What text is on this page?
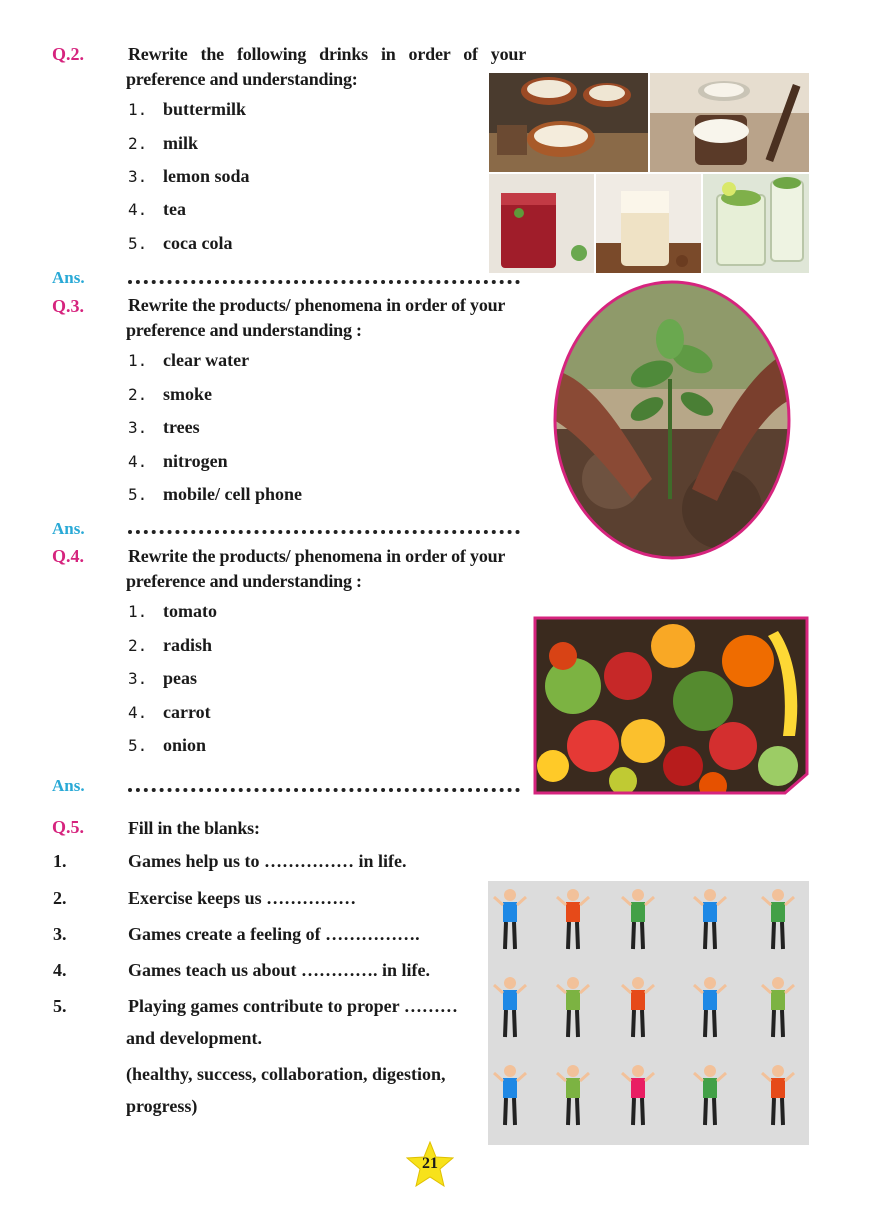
Q.2. Rewrite the following drinks in order of your
preference and understanding:
1. buttermilk
2. milk
3. lemon soda
4. tea
5. coca cola
Ans.
Q.3. Rewrite the products/ phenomena in order of your
preference and understanding :
1. clear water
2. smoke
3. trees
4. nitrogen
5. mobile/ cell phone
Ans.
Q.4. Rewrite the products/ phenomena in order of your
preference and understanding :
1. tomato
2. radish
3. peas
4. carrot
5. onion
Ans.
Q.5. Fill in the blanks:
1.	Games help us to …………… in life.
2.	Exercise keeps us ……………
3.	Games create a feeling of …………….
4.	Games teach us about …………. in life.
5.	Playing games contribute to proper ………
and development.
(healthy, success, collaboration, digestion,
progress)
21
